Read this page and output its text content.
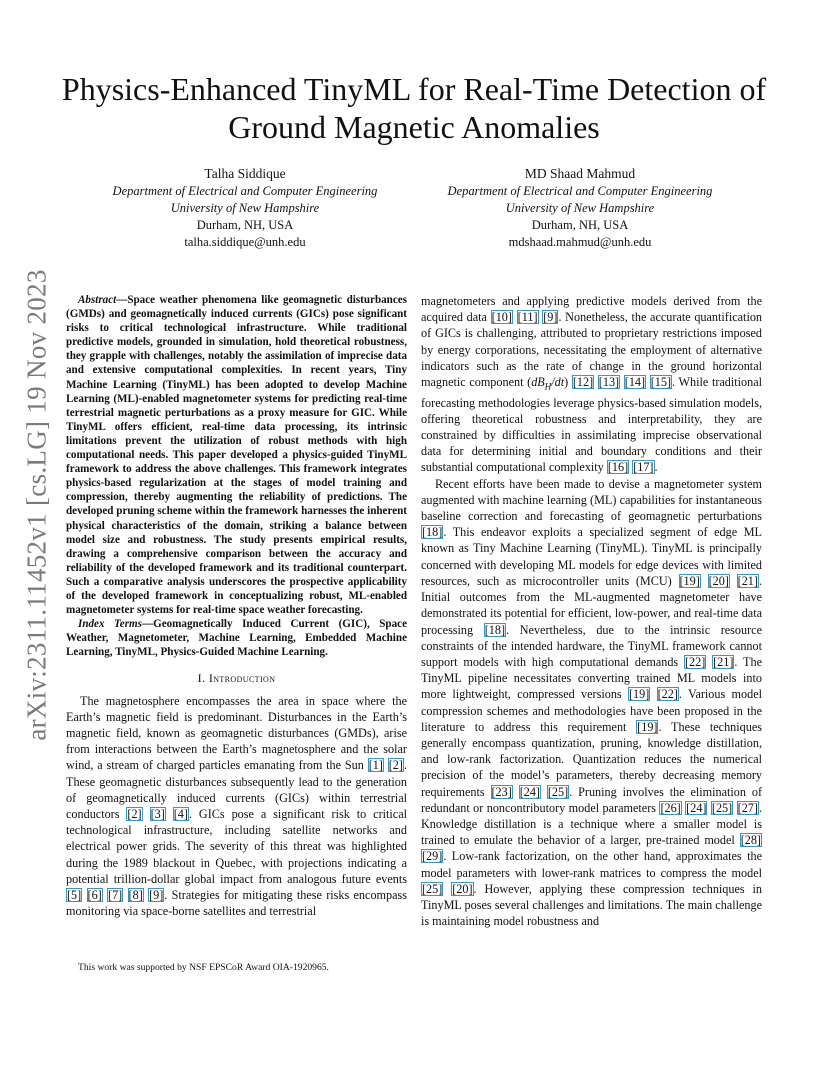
arXiv:2311.11452v1 [cs.LG] 19 Nov 2023
Physics-Enhanced TinyML for Real-Time Detection of Ground Magnetic Anomalies
Talha Siddique
Department of Electrical and Computer Engineering
University of New Hampshire
Durham, NH, USA
talha.siddique@unh.edu
MD Shaad Mahmud
Department of Electrical and Computer Engineering
University of New Hampshire
Durham, NH, USA
mdshaad.mahmud@unh.edu

Abstract—Space weather phenomena like geomagnetic disturbances (GMDs) and geomagnetically induced currents (GICs) pose significant risks to critical technological infrastructure. While traditional predictive models, grounded in simulation, hold theoretical robustness, they grapple with challenges, notably the assimilation of imprecise data and extensive computational complexities. In recent years, Tiny Machine Learning (TinyML) has been adopted to develop Machine Learning (ML)-enabled magnetometer systems for predicting real-time terrestrial magnetic perturbations as a proxy measure for GIC. While TinyML offers efficient, real-time data processing, its intrinsic limitations prevent the utilization of robust methods with high computational needs. This paper developed a physics-guided TinyML framework to address the above challenges. This framework integrates physics-based regularization at the stages of model training and compression, thereby augmenting the reliability of predictions. The developed pruning scheme within the framework harnesses the inherent physical characteristics of the domain, striking a balance between model size and robustness. The study presents empirical results, drawing a comprehensive comparison between the accuracy and reliability of the developed framework and its traditional counterpart. Such a comparative analysis underscores the prospective applicability of the developed framework in conceptualizing robust, ML-enabled magnetometer systems for real-time space weather forecasting.

Index Terms—Geomagnetically Induced Current (GIC), Space Weather, Magnetometer, Machine Learning, Embedded Machine Learning, TinyML, Physics-Guided Machine Learning.

I. Introduction

The magnetosphere encompasses the area in space where the Earth’s magnetic field is predominant. Disturbances in the Earth’s magnetic field, known as geomagnetic disturbances (GMDs), arise from interactions between the Earth’s magnetosphere and the solar wind, a stream of charged particles emanating from the Sun [1] [2]. These geomagnetic disturbances subsequently lead to the generation of geomagnetically induced currents (GICs) within terrestrial conductors [2] [3] [4]. GICs pose a significant risk to critical technological infrastructure, including satellite networks and electrical power grids. The severity of this threat was highlighted during the 1989 blackout in Quebec, with projections indicating a potential trillion-dollar global impact from analogous future events [5] [6] [7] [8] [9]. Strategies for mitigating these risks encompass monitoring via space-borne satellites and terrestrial

magnetometers and applying predictive models derived from the acquired data [10] [11] [9]. Nonetheless, the accurate quantification of GICs is challenging, attributed to proprietary restrictions imposed by energy corporations, necessitating the employment of alternative indicators such as the rate of change in the ground horizontal magnetic component $(dB_H/dt)$ [12] [13] [14] [15]. While traditional forecasting methodologies leverage physics-based simulation models, offering theoretical robustness and interpretability, they are constrained by difficulties in assimilating imprecise observational data for determining initial and boundary conditions and their substantial computational complexity [16] [17].

Recent efforts have been made to devise a magnetometer system augmented with machine learning (ML) capabilities for instantaneous baseline correction and forecasting of geomagnetic perturbations [18]. This endeavor exploits a specialized segment of edge ML known as Tiny Machine Learning (TinyML). TinyML is principally concerned with developing ML models for edge devices with limited resources, such as microcontroller units (MCU) [19] [20] [21]. Initial outcomes from the ML-augmented magnetometer have demonstrated its potential for efficient, low-power, and real-time data processing [18]. Nevertheless, due to the intrinsic resource constraints of the intended hardware, the TinyML framework cannot support models with high computational demands [22] [21]. The TinyML pipeline necessitates converting trained ML models into more lightweight, compressed versions [19] [22]. Various model compression schemes and methodologies have been proposed in the literature to address this requirement [19]. These techniques generally encompass quantization, pruning, knowledge distillation, and low-rank factorization. Quantization reduces the numerical precision of the model’s parameters, thereby decreasing memory requirements [23] [24] [25]. Pruning involves the elimination of redundant or noncontributory model parameters [26] [24] [25] [27]. Knowledge distillation is a technique where a smaller model is trained to emulate the behavior of a larger, pre-trained model [28] [29]. Low-rank factorization, on the other hand, approximates the model parameters with lower-rank matrices to compress the model [25] [20]. However, applying these compression techniques in TinyML poses several challenges and limitations. The main challenge is maintaining model robustness and

This work was supported by NSF EPSCoR Award OIA-1920965.
